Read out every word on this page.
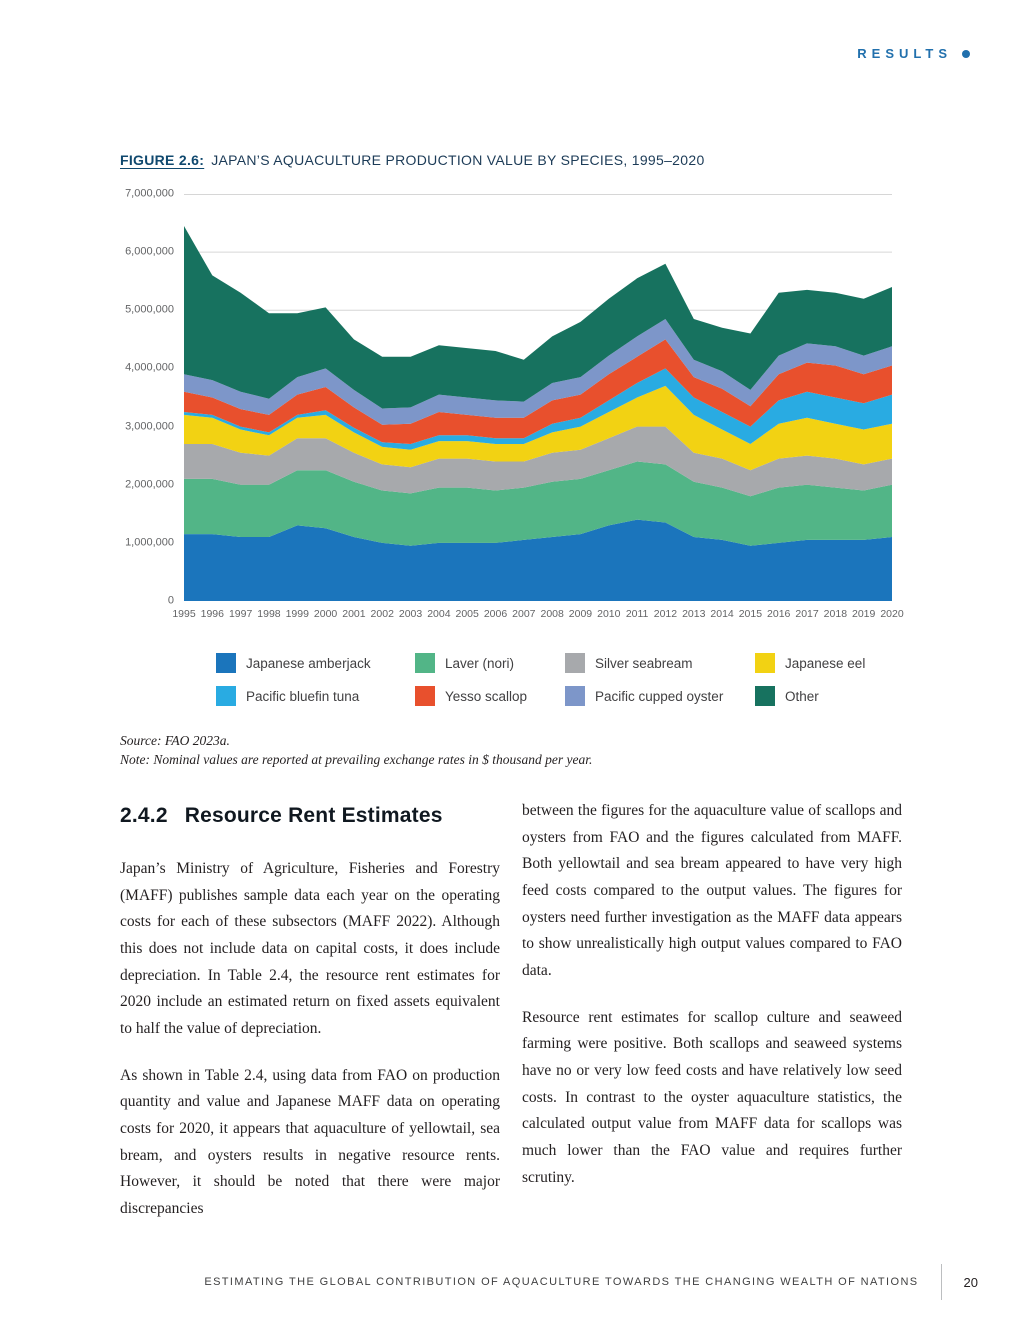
RESULTS
FIGURE 2.6: JAPAN’S AQUACULTURE PRODUCTION VALUE BY SPECIES, 1995–2020
0
1,000,000
2,000,000
3,000,000
4,000,000
5,000,000
6,000,000
7,000,000
1995 1996 1997 1998 1999 2000 2001 2002 2003 2004 2005 2006 2007 2008 2009 2010 2011 2012 2013 2014 2015 2016 2017 2018 2019 2020
Japanese amberjack	Laver (nori)	Silver seabream	Japanese eel
Pacific bluefin tuna	Yesso scallop	Pacific cupped oyster	Other
Source: FAO 2023a.
Note: Nominal values are reported at prevailing exchange rates in $ thousand per year.
2.4.2 Resource Rent Estimates

Japan’s Ministry of Agriculture, Fisheries and Forestry (MAFF) publishes sample data each year on the operating costs for each of these subsectors (MAFF 2022). Although this does not include data on capital costs, it does include depreciation. In Table 2.4, the resource rent estimates for 2020 include an estimated return on fixed assets equivalent to half the value of depreciation.

As shown in Table 2.4, using data from FAO on production quantity and value and Japanese MAFF data on operating costs for 2020, it appears that aquaculture of yellowtail, sea bream, and oysters results in negative resource rents. However, it should be noted that there were major discrepancies

between the figures for the aquaculture value of scallops and oysters from FAO and the figures calculated from MAFF. Both yellowtail and sea bream appeared to have very high feed costs compared to the output values. The figures for oysters need further investigation as the MAFF data appears to show unrealistically high output values compared to FAO data.

Resource rent estimates for scallop culture and seaweed farming were positive. Both scallops and seaweed systems have no or very low feed costs and have relatively low seed costs. In contrast to the oyster aquaculture statistics, the calculated output value from MAFF data for scallops was much lower than the FAO value and requires further scrutiny.

ESTIMATING THE GLOBAL CONTRIBUTION OF AQUACULTURE TOWARDS THE CHANGING WEALTH OF NATIONS	20
